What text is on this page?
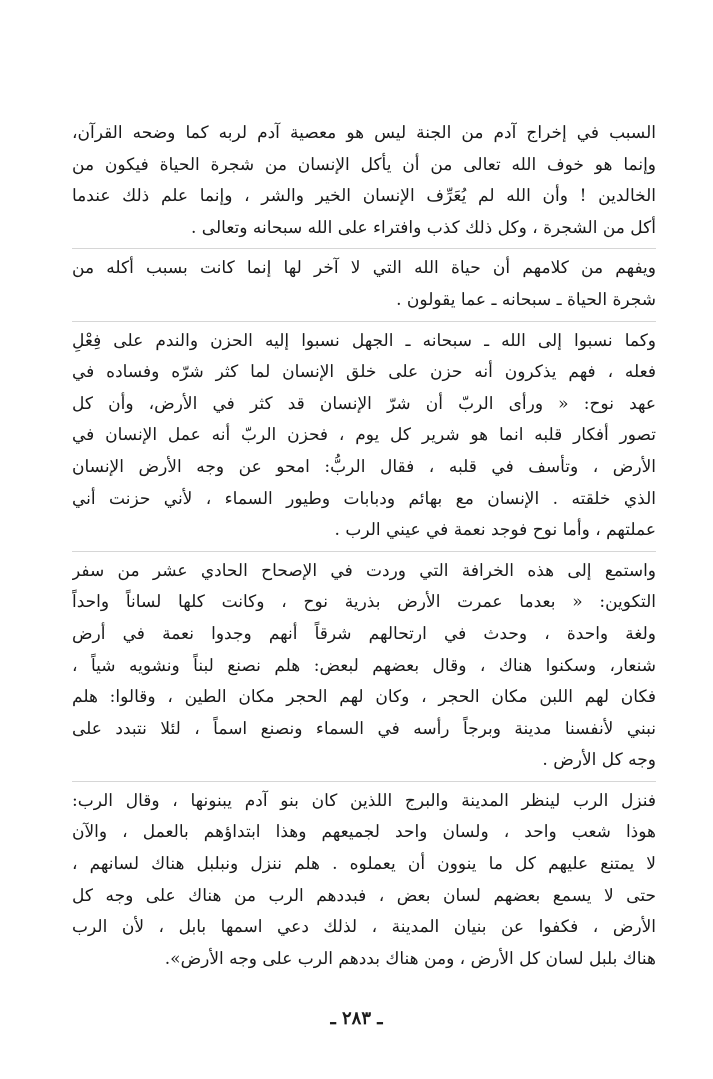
السبب في إخراج آدم من الجنة ليس هو معصية آدم لربه كما وضحه القرآن،
وإنما هو خوف الله تعالى من أن يأكل الإنسان من شجرة الحياة فيكون من
الخالدين ! وأن الله لم يُعَرِّف الإنسان الخير والشر ، وإنما علم ذلك عندما
أكل من الشجرة ، وكل ذلك كذب وافتراء على الله سبحانه وتعالى .
ويفهم من كلامهم أن حياة الله التي لا آخر لها إنما كانت بسبب أكله من
شجرة الحياة ـ سبحانه ـ عما يقولون .
وكما نسبوا إلى الله ـ سبحانه ـ الجهل نسبوا إليه الحزن والندم على فِعْلِ
فعله ، فهم يذكرون أنه حزن على خلق الإنسان لما كثر شرّه وفساده في
عهد نوح: « ورأى الربّ أن شرّ الإنسان قد كثر في الأرض، وأن كل
تصور أفكار قلبه انما هو شرير كل يوم ، فحزن الربّ أنه عمل الإنسان في
الأرض ، وتأسف في قلبه ، فقال الربُّ: امحو عن وجه الأرض الإنسان
الذي خلقته . الإنسان مع بهائم ودبابات وطيور السماء ، لأني حزنت أني
عملتهم ، وأما نوح فوجد نعمة في عيني الرب .
واستمع إلى هذه الخرافة التي وردت في الإصحاح الحادي عشر من سفر
التكوين: « بعدما عمرت الأرض بذرية نوح ، وكانت كلها لساناً واحداً
ولغة واحدة ، وحدث في ارتحالهم شرقاً أنهم وجدوا نعمة في أرض
شنعار، وسكنوا هناك ، وقال بعضهم لبعض: هلم نصنع لبناً ونشويه شياً ،
فكان لهم اللبن مكان الحجر ، وكان لهم الحجر مكان الطين ، وقالوا: هلم
نبني لأنفسنا مدينة وبرجاً رأسه في السماء ونصنع اسماً ، لئلا نتبدد على
وجه كل الأرض .
فنزل الرب لينظر المدينة والبرج اللذين كان بنو آدم يبنونها ، وقال الرب:
هوذا شعب واحد ، ولسان واحد لجميعهم وهذا ابتداؤهم بالعمل ، والآن
لا يمتنع عليهم كل ما ينوون أن يعملوه . هلم ننزل ونبلبل هناك لسانهم ،
حتى لا يسمع بعضهم لسان بعض ، فبددهم الرب من هناك على وجه كل
الأرض ، فكفوا عن بنيان المدينة ، لذلك دعي اسمها بابل ، لأن الرب
هناك بلبل لسان كل الأرض ، ومن هناك بددهم الرب على وجه الأرض».
ـ ٢٨٣ ـ
